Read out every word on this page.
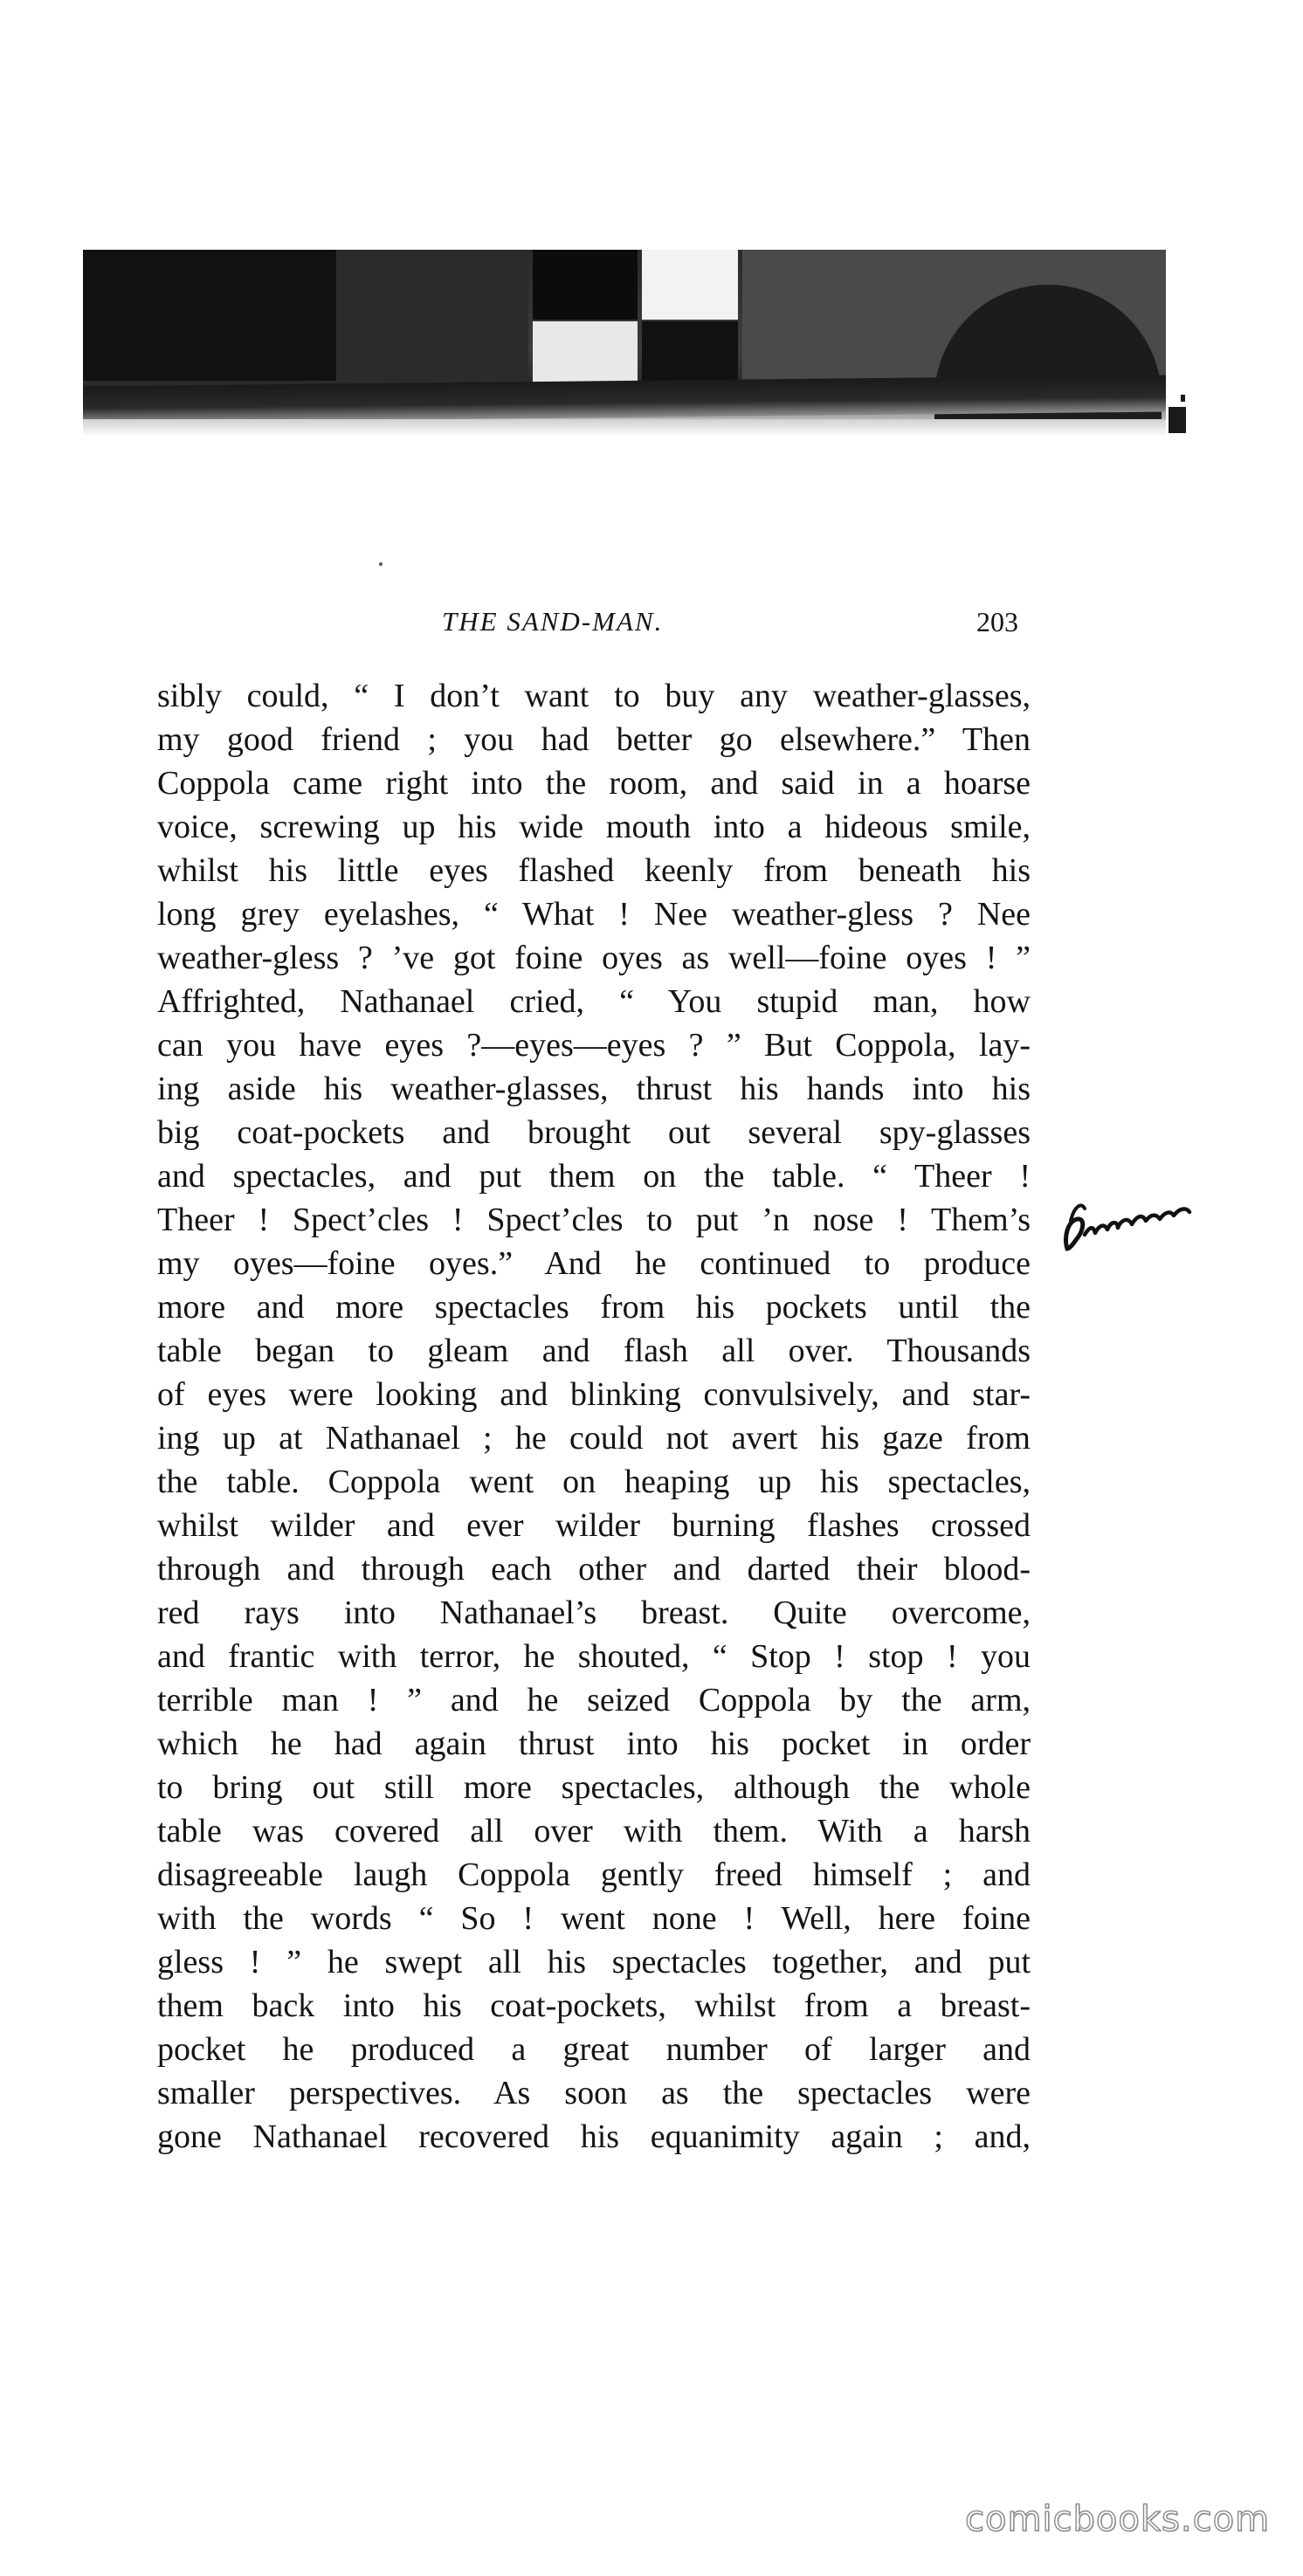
THE SAND-MAN.	203
sibly could, “ I don’t want to buy any weather-glasses,
my good friend ; you had better go elsewhere.” Then
Coppola came right into the room, and said in a hoarse
voice, screwing up his wide mouth into a hideous smile,
whilst his little eyes flashed keenly from beneath his
long grey eyelashes, “ What ! Nee weather-gless ? Nee
weather-gless ? ’ve got foine oyes as well—foine oyes ! ”
Affrighted, Nathanael cried, “ You stupid man, how
can you have eyes ?—eyes—eyes ? ” But Coppola, lay-
ing aside his weather-glasses, thrust his hands into his
big coat-pockets and brought out several spy-glasses
and spectacles, and put them on the table. “ Theer !
Theer ! Spect’cles ! Spect’cles to put ’n nose ! Them’s
my oyes—foine oyes.” And he continued to produce
more and more spectacles from his pockets until the
table began to gleam and flash all over. Thousands
of eyes were looking and blinking convulsively, and star-
ing up at Nathanael ; he could not avert his gaze from
the table. Coppola went on heaping up his spectacles,
whilst wilder and ever wilder burning flashes crossed
through and through each other and darted their blood-
red rays into Nathanael’s breast. Quite overcome,
and frantic with terror, he shouted, “ Stop ! stop ! you
terrible man ! ” and he seized Coppola by the arm,
which he had again thrust into his pocket in order
to bring out still more spectacles, although the whole
table was covered all over with them. With a harsh
disagreeable laugh Coppola gently freed himself ; and
with the words “ So ! went none ! Well, here foine
gless ! ” he swept all his spectacles together, and put
them back into his coat-pockets, whilst from a breast-
pocket he produced a great number of larger and
smaller perspectives. As soon as the spectacles were
gone Nathanael recovered his equanimity again ; and,
comicbooks.com
